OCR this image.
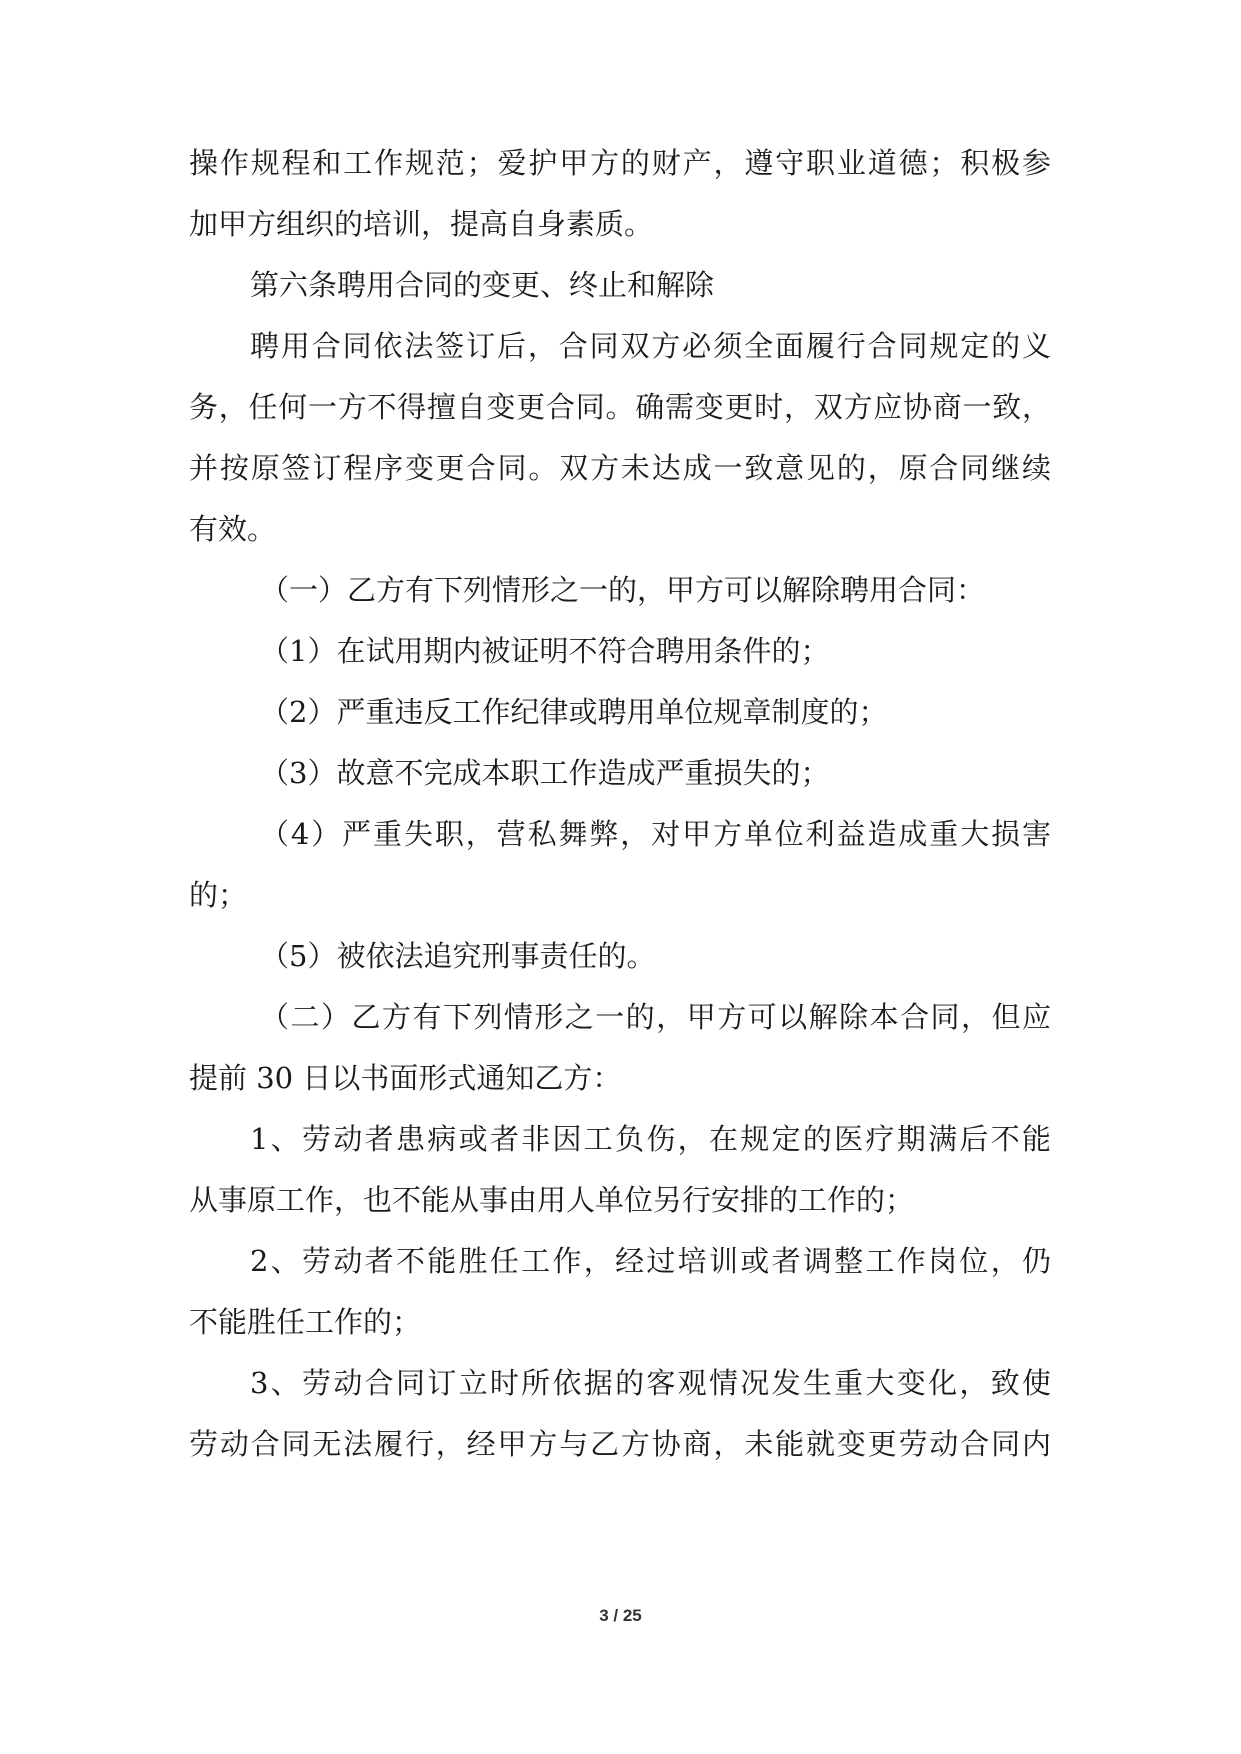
操作规程和工作规范；爱护甲方的财产，遵守职业道德；积极参
加甲方组织的培训，提高自身素质。
第六条聘用合同的变更、终止和解除
聘用合同依法签订后，合同双方必须全面履行合同规定的义
务，任何一方不得擅自变更合同。确需变更时，双方应协商一致，
并按原签订程序变更合同。双方未达成一致意见的，原合同继续
有效。
（一）乙方有下列情形之一的，甲方可以解除聘用合同：
（1）在试用期内被证明不符合聘用条件的；
（2）严重违反工作纪律或聘用单位规章制度的；
（3）故意不完成本职工作造成严重损失的；
（4）严重失职，营私舞弊，对甲方单位利益造成重大损害
的；
（5）被依法追究刑事责任的。
（二）乙方有下列情形之一的，甲方可以解除本合同，但应
提前 30 日以书面形式通知乙方：
1、劳动者患病或者非因工负伤，在规定的医疗期满后不能
从事原工作，也不能从事由用人单位另行安排的工作的；
2、劳动者不能胜任工作，经过培训或者调整工作岗位，仍
不能胜任工作的；
3、劳动合同订立时所依据的客观情况发生重大变化，致使
劳动合同无法履行，经甲方与乙方协商，未能就变更劳动合同内
3 / 25
